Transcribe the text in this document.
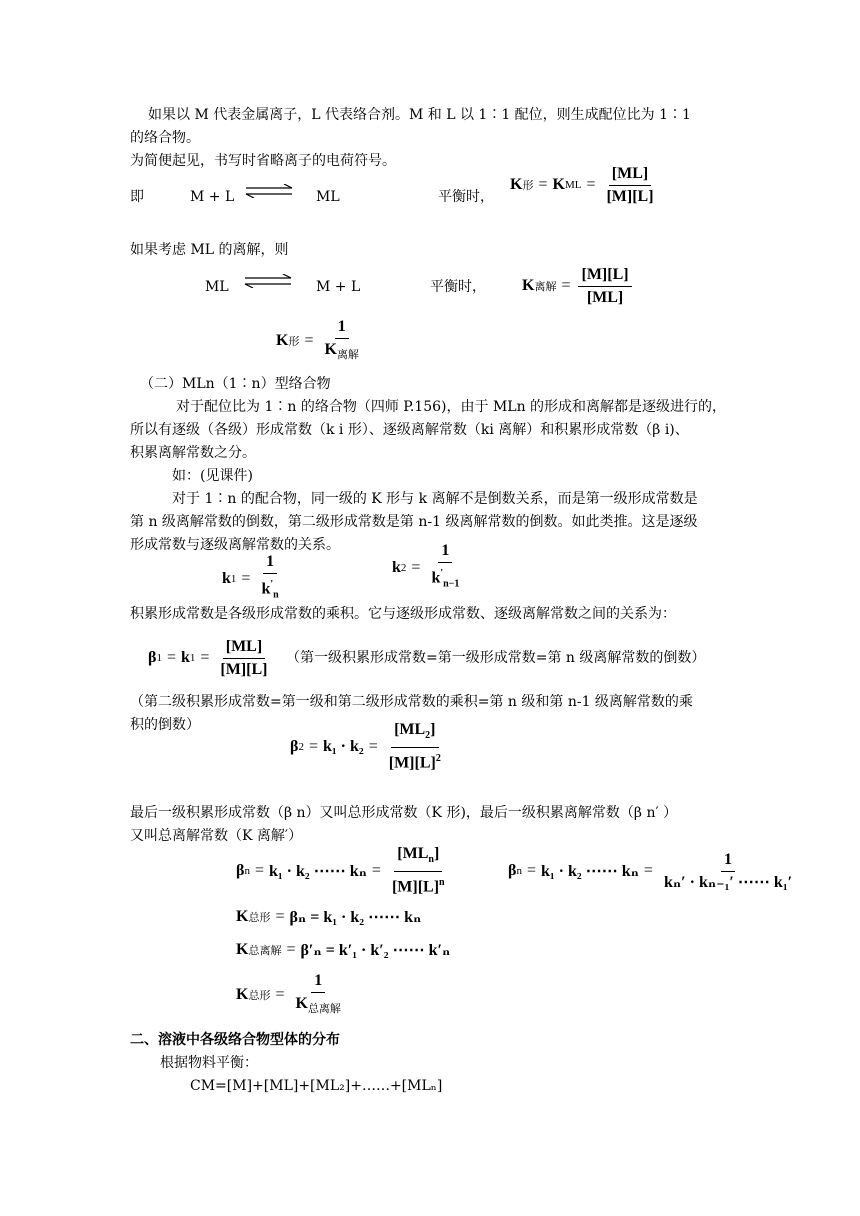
如果以 M 代表金属离子，L 代表络合剂。M 和 L 以 1∶1 配位，则生成配位比为 1∶1
的络合物。
为简便起见，书写时省略离子的电荷符号。
即	M + L ⇌ ML	平衡时，
K 形 = K ML = $\frac{[ML]}{[M][L]}$
如果考虑 ML 的离解，则
ML ⇌ M + L	平衡时， K 离解 = $\frac{[M][L]}{[ML]}$
K 形 = $\frac{1}{K_{离解}}$
（二）MLn（1∶n）型络合物
对于配位比为 1∶n 的络合物（四师 P.156)，由于 MLn 的形成和离解都是逐级进行的，
所以有逐级（各级）形成常数（k i 形）、逐级离解常数（ki 离解）和积累形成常数（β i)、
积累离解常数之分。
如：(见课件)
对于 1∶n 的配合物，同一级的 K 形与 k 离解不是倒数关系，而是第一级形成常数是
第 n 级离解常数的倒数，第二级形成常数是第 n-1 级离解常数的倒数。如此类推。这是逐级
形成常数与逐级离解常数的关系。
k $1 = \frac{1}{k'_n}$	k $2 = \frac{1}{k'_{n-1}}$
积累形成常数是各级形成常数的乘积。它与逐级形成常数、逐级离解常数之间的关系为：
β 1 = k $1 = \frac{[ML]}{[M][L]}$ （第一级积累形成常数=第一级形成常数=第 n 级离解常数的倒数）
（第二级积累形成常数=第一级和第二级形成常数的乘积=第 n 级和第 n-1 级离解常数的乘
积的倒数）
β $2 = k_1 \cdot k_2 = \frac{[ML_2]}{[M][L]^2}$
最后一级积累形成常数（β n）又叫总形成常数（K 形)，最后一级积累离解常数（β n′ ）
又叫总离解常数（K 离解′）
β n = k₁ · k₂ ⋯⋯ $k_n = \frac{[ML_n]}{[M][L]^n}$	β n = k₁ · k₂ ⋯⋯ $k_n = \frac{1}{\text{kₙ′ · kₙ₋₁′ ⋯⋯ k₁′}}$
K 总形 = βₙ = k₁ · k₂ ⋯⋯ kₙ
K 总离解 = β′ₙ = k′₁ · k′₂ ⋯⋯ k′ₙ
K 总形 = $\frac{1}{K_{总离解}}$
二、溶液中各级络合物型体的分布
根据物料平衡：
CM=[M]+[ML]+[ML₂]+……+[MLₙ]
